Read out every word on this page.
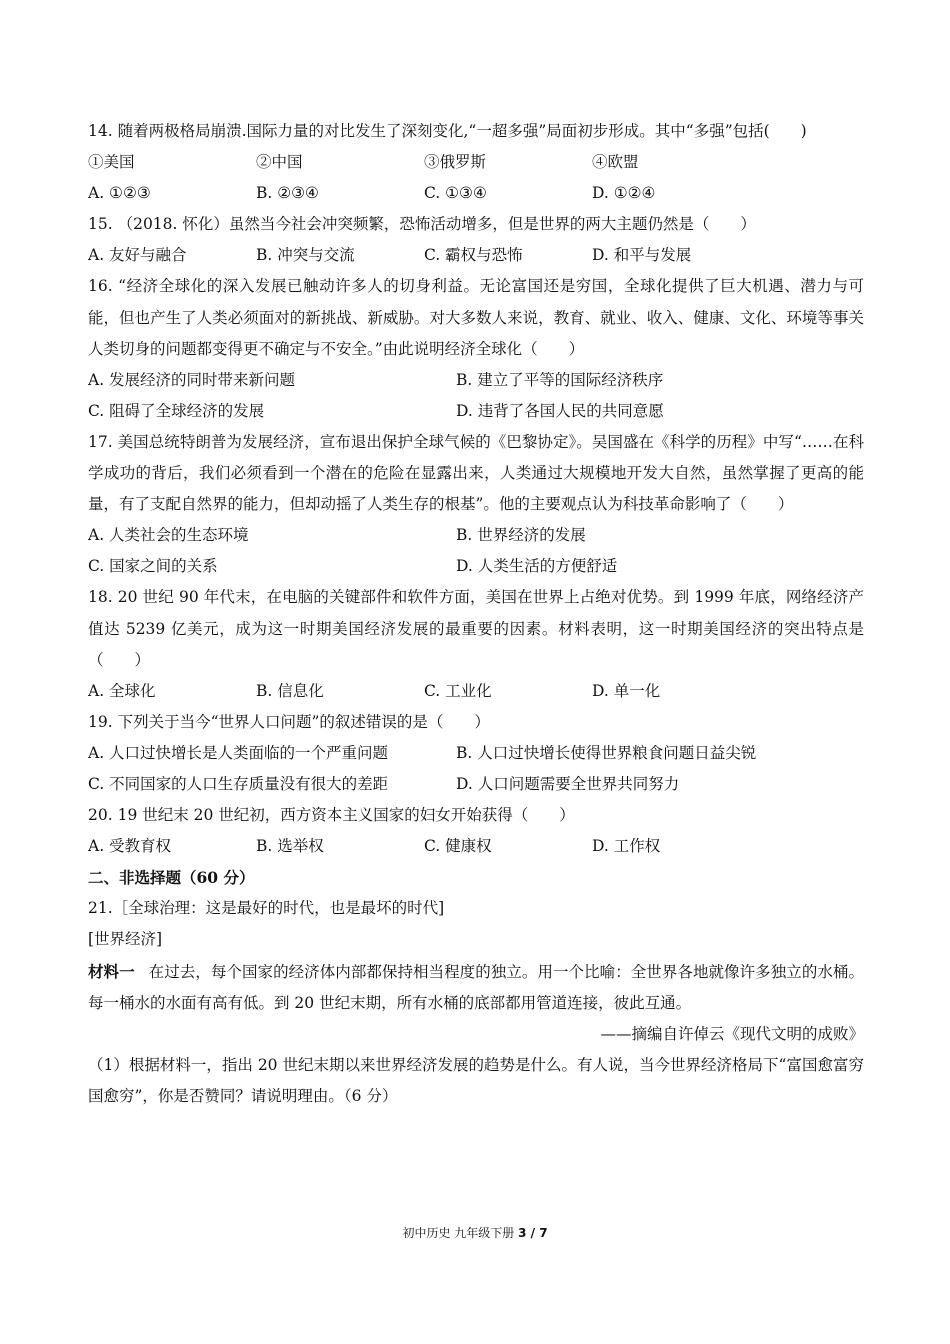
14. 随着两极格局崩溃.国际力量的对比发生了深刻变化,“一超多强”局面初步形成。其中“多强”包括(　　)
①美国	②中国	③俄罗斯	④欧盟
A. ①②③	B. ②③④	C. ①③④	D. ①②④
15. （2018. 怀化）虽然当今社会冲突频繁，恐怖活动增多，但是世界的两大主题仍然是（　　）
A. 友好与融合	B. 冲突与交流	C. 霸权与恐怖	D. 和平与发展
16. “经济全球化的深入发展已触动许多人的切身利益。无论富国还是穷国，全球化提供了巨大机遇、潜力与可能，但也产生了人类必须面对的新挑战、新威胁。对大多数人来说，教育、就业、收入、健康、文化、环境等事关人类切身的问题都变得更不确定与不安全。”由此说明经济全球化（　　）
A. 发展经济的同时带来新问题	B. 建立了平等的国际经济秩序
C. 阻碍了全球经济的发展	D. 违背了各国人民的共同意愿
17. 美国总统特朗普为发展经济，宣布退出保护全球气候的《巴黎协定》。吴国盛在《科学的历程》中写“……在科学成功的背后，我们必须看到一个潜在的危险在显露出来，人类通过大规模地开发大自然，虽然掌握了更高的能量，有了支配自然界的能力，但却动摇了人类生存的根基”。他的主要观点认为科技革命影响了（　　）
A. 人类社会的生态环境	B. 世界经济的发展
C. 国家之间的关系	D. 人类生活的方便舒适
18. 20 世纪 90 年代末，在电脑的关键部件和软件方面，美国在世界上占绝对优势。到 1999 年底，网络经济产值达 5239 亿美元，成为这一时期美国经济发展的最重要的因素。材料表明，这一时期美国经济的突出特点是（　　）
A. 全球化	B. 信息化	C. 工业化	D. 单一化
19. 下列关于当今“世界人口问题”的叙述错误的是（　　）
A. 人口过快增长是人类面临的一个严重问题	B. 人口过快增长使得世界粮食问题日益尖锐
C. 不同国家的人口生存质量没有很大的差距	D. 人口问题需要全世界共同努力
20. 19 世纪末 20 世纪初，西方资本主义国家的妇女开始获得（　　）
A. 受教育权	B. 选举权	C. 健康权	D. 工作权
二、非选择题（60 分）
21.［全球治理：这是最好的时代，也是最坏的时代]
[世界经济]
材料一 在过去，每个国家的经济体内部都保持相当程度的独立。用一个比喻：全世界各地就像许多独立的水桶。每一桶水的水面有高有低。到 20 世纪末期，所有水桶的底部都用管道连接，彼此互通。
——摘编自许倬云《现代文明的成败》
（1）根据材料一，指出 20 世纪末期以来世界经济发展的趋势是什么。有人说，当今世界经济格局下“富国愈富穷国愈穷”，你是否赞同？请说明理由。（6 分）
初中历史 九年级下册 3 / 7
